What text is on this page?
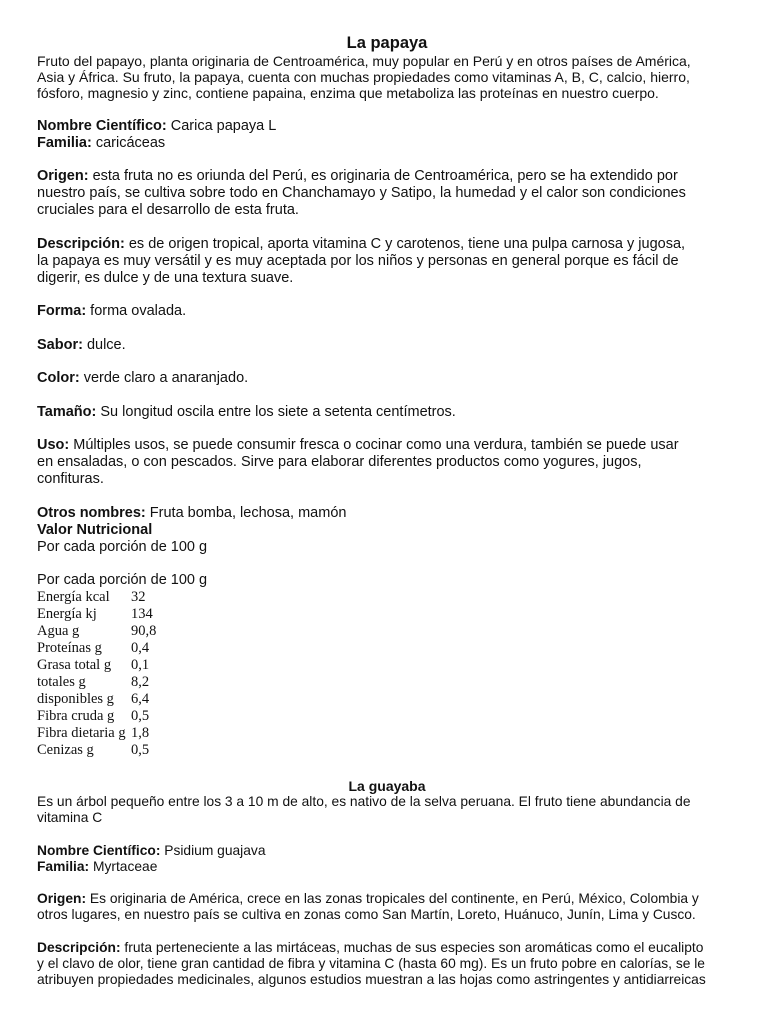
La papaya

Fruto del papayo, planta originaria de Centroamérica, muy popular en Perú y en otros países de América,

Asia y África. Su fruto, la papaya, cuenta con muchas propiedades como vitaminas A, B, C, calcio, hierro,

fósforo, magnesio y zinc, contiene papaina, enzima que metaboliza las proteínas en nuestro cuerpo.

Nombre Científico: Carica papaya L

Familia: caricáceas

Origen: esta fruta no es oriunda del Perú, es originaria de Centroamérica, pero se ha extendido por

nuestro país, se cultiva sobre todo en Chanchamayo y Satipo, la humedad y el calor son condiciones

cruciales para el desarrollo de esta fruta.

Descripción: es de origen tropical, aporta vitamina C y carotenos, tiene una pulpa carnosa y jugosa,

la papaya es muy versátil y es muy aceptada por los niños y personas en general porque es fácil de

digerir, es dulce y de una textura suave.

Forma: forma ovalada.

Sabor: dulce.

Color: verde claro a anaranjado.

Tamaño: Su longitud oscila entre los siete a setenta centímetros.

Uso: Múltiples usos, se puede consumir fresca o cocinar como una verdura, también se puede usar

en ensaladas, o con pescados. Sirve para elaborar diferentes productos como yogures, jugos,

confituras.

Otros nombres: Fruta bomba, lechosa, mamón

Valor Nutricional

Por cada porción de 100 g

Por cada porción de 100 g

Energía kcal	32
Energía kj	134
Agua g	90,8
Proteínas g	0,4
Grasa total g	0,1
totales g	8,2
disponibles g	6,4
Fibra cruda g	0,5
Fibra dietaria g 1,8
Cenizas g	0,5
La guayaba

Es un árbol pequeño entre los 3 a 10 m de alto, es nativo de la selva peruana. El fruto tiene abundancia de

vitamina C

Nombre Científico: Psidium guajava

Familia: Myrtaceae

Origen: Es originaria de América, crece en las zonas tropicales del continente, en Perú, México, Colombia y

otros lugares, en nuestro país se cultiva en zonas como San Martín, Loreto, Huánuco, Junín, Lima y Cusco.

Descripción: fruta perteneciente a las mirtáceas, muchas de sus especies son aromáticas como el eucalipto

y el clavo de olor, tiene gran cantidad de fibra y vitamina C (hasta 60 mg). Es un fruto pobre en calorías, se le

atribuyen propiedades medicinales, algunos estudios muestran a las hojas como astringentes y antidiarreicas
